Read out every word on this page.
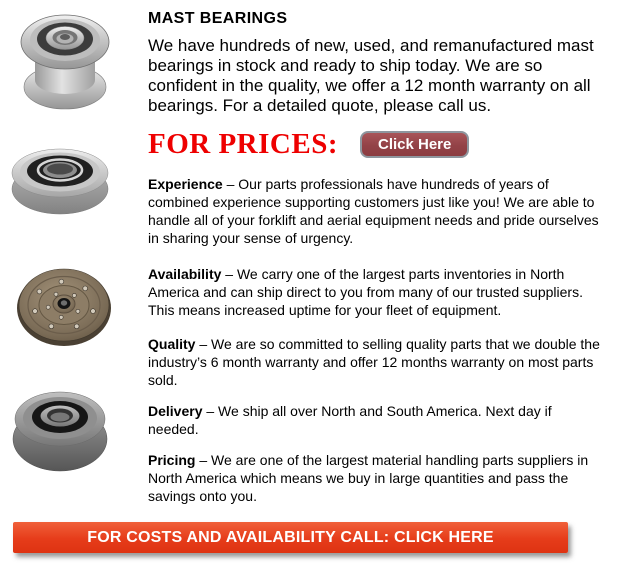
MAST BEARINGS

We have hundreds of new, used, and remanufactured mast bearings in stock and ready to ship today. We are so confident in the quality, we offer a 12 month warranty on all bearings. For a detailed quote, please call us.

FOR PRICES:	Click Here

Experience – Our parts professionals have hundreds of years of combined experience supporting customers just like you! We are able to handle all of your forklift and aerial equipment needs and pride ourselves in sharing your sense of urgency.

Availability – We carry one of the largest parts inventories in North America and can ship direct to you from many of our trusted suppliers. This means increased uptime for your fleet of equipment.

Quality – We are so committed to selling quality parts that we double the industry’s 6 month warranty and offer 12 months warranty on most parts sold.

Delivery – We ship all over North and South America. Next day if needed.

Pricing – We are one of the largest material handling parts suppliers in North America which means we buy in large quantities and pass the savings onto you.

FOR COSTS AND AVAILABILITY CALL: CLICK HERE
